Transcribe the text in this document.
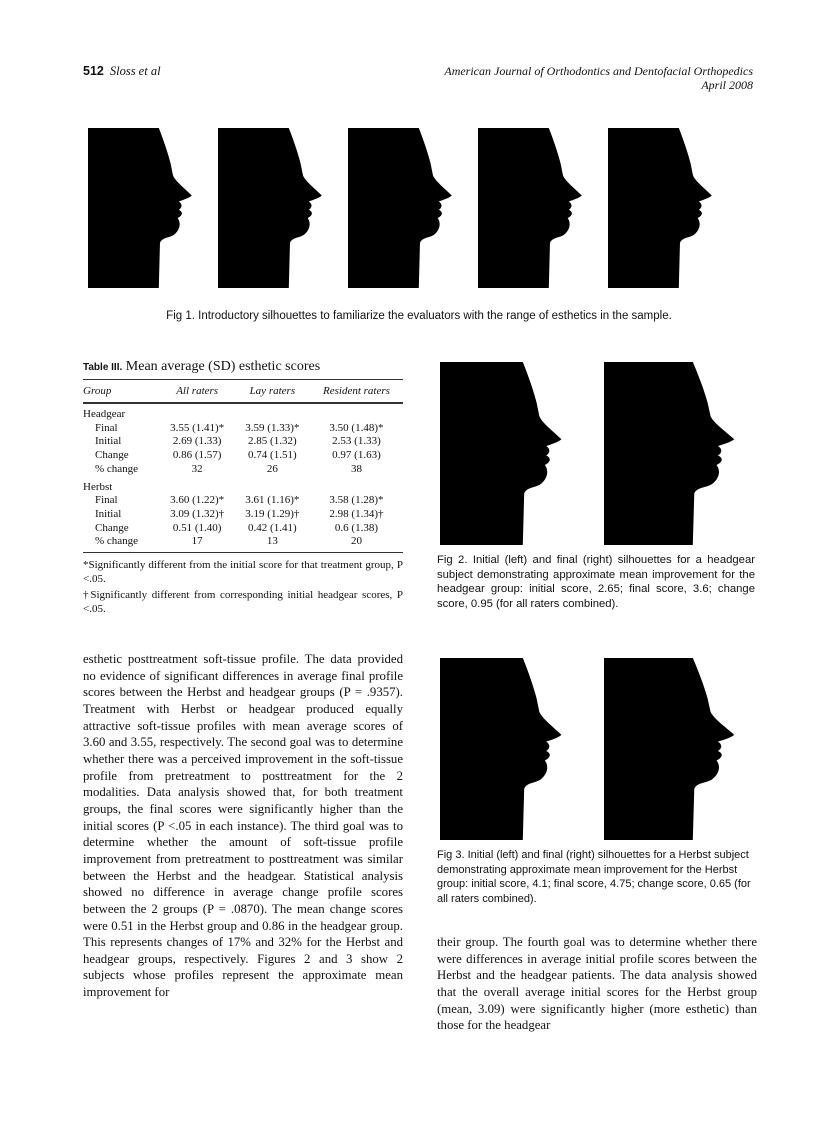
512 Sloss et al	American Journal of Orthodontics and Dentofacial Orthopedics
April 2008
Fig 1. Introductory silhouettes to familiarize the evaluators with the range of esthetics in the sample.
Table III. Mean average (SD) esthetic scores
Group	All raters	Lay raters	Resident raters
Headgear			
Final	3.55 (1.41)*	3.59 (1.33)*	3.50 (1.48)*
Initial	2.69 (1.33)	2.85 (1.32)	2.53 (1.33)
Change	0.86 (1.57)	0.74 (1.51)	0.97 (1.63)
% change	32	26	38
Herbst			
Final	3.60 (1.22)*	3.61 (1.16)*	3.58 (1.28)*
Initial	3.09 (1.32)†	3.19 (1.29)†	2.98 (1.34)†
Change	0.51 (1.40)	0.42 (1.41)	0.6 (1.38)
% change	17	13	20
*Significantly different from the initial score for that treatment group, P <.05.
†Significantly different from corresponding initial headgear scores, P <.05.
Fig 2. Initial (left) and final (right) silhouettes for a headgear subject demonstrating approximate mean improvement for the headgear group: initial score, 2.65; final score, 3.6; change score, 0.95 (for all raters combined).
Fig 3. Initial (left) and final (right) silhouettes for a Herbst subject demonstrating approximate mean improvement for the Herbst group: initial score, 4.1; final score, 4.75; change score, 0.65 (for all raters combined).
esthetic posttreatment soft-tissue profile. The data provided no evidence of significant differences in average final profile scores between the Herbst and headgear groups (P = .9357). Treatment with Herbst or headgear produced equally attractive soft-tissue profiles with mean average scores of 3.60 and 3.55, respectively. The second goal was to determine whether there was a perceived improvement in the soft-tissue profile from pretreatment to posttreatment for the 2 modalities. Data analysis showed that, for both treatment groups, the final scores were significantly higher than the initial scores (P <.05 in each instance). The third goal was to determine whether the amount of soft-tissue profile improvement from pretreatment to posttreatment was similar between the Herbst and the headgear. Statistical analysis showed no difference in average change profile scores between the 2 groups (P = .0870). The mean change scores were 0.51 in the Herbst group and 0.86 in the headgear group. This represents changes of 17% and 32% for the Herbst and headgear groups, respectively. Figures 2 and 3 show 2 subjects whose profiles represent the approximate mean improvement for
their group. The fourth goal was to determine whether there were differences in average initial profile scores between the Herbst and the headgear patients. The data analysis showed that the overall average initial scores for the Herbst group (mean, 3.09) were significantly higher (more esthetic) than those for the headgear
